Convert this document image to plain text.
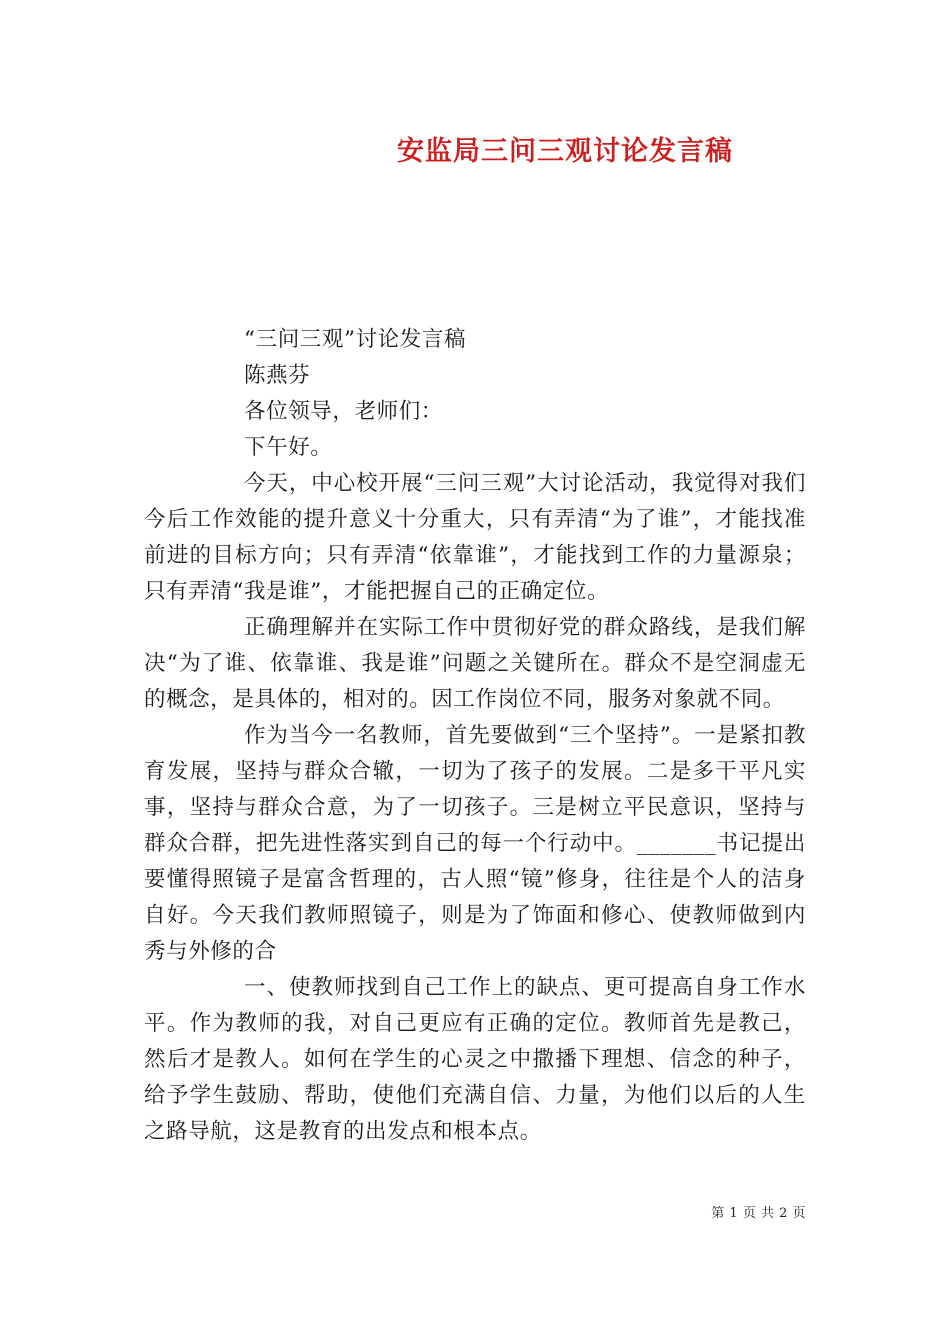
安监局三问三观讨论发言稿

“三问三观”讨论发言稿

陈燕芬

各位领导，老师们：

下午好。

今天，中心校开展“三问三观”大讨论活动，我觉得对我们今后工作效能的提升意义十分重大，只有弄清“为了谁”，才能找准前进的目标方向；只有弄清“依靠谁”，才能找到工作的力量源泉；只有弄清“我是谁”，才能把握自己的正确定位。

正确理解并在实际工作中贯彻好党的群众路线，是我们解决“为了谁、依靠谁、我是谁”问题之关键所在。群众不是空洞虚无的概念，是具体的，相对的。因工作岗位不同，服务对象就不同。

作为当今一名教师，首先要做到“三个坚持”。一是紧扣教育发展，坚持与群众合辙，一切为了孩子的发展。二是多干平凡实事，坚持与群众合意，为了一切孩子。三是树立平民意识，坚持与群众合群，把先进性落实到自己的每一个行动中。_______书记提出要懂得照镜子是富含哲理的，古人照“镜”修身，往往是个人的洁身自好。今天我们教师照镜子，则是为了饰面和修心、使教师做到内秀与外修的合

一、使教师找到自己工作上的缺点、更可提高自身工作水平。作为教师的我，对自己更应有正确的定位。教师首先是教己，然后才是教人。如何在学生的心灵之中撒播下理想、信念的种子，给予学生鼓励、帮助，使他们充满自信、力量，为他们以后的人生之路导航，这是教育的出发点和根本点。

第 1 页 共 2 页
